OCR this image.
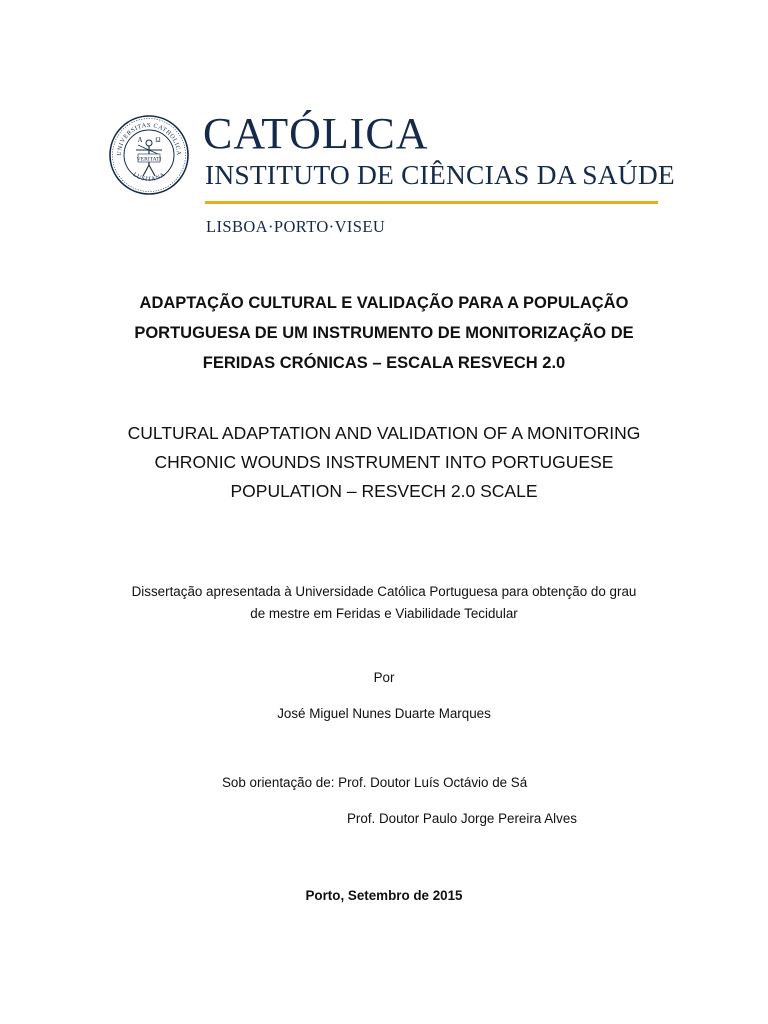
UNIVERSITAS CATHOLICA
LUSITANA
VERITATI
A Ω CATÓLICA
INSTITUTO DE CIÊNCIAS DA SAÚDE
LISBOA·PORTO·VISEU
ADAPTAÇÃO CULTURAL E VALIDAÇÃO PARA A POPULAÇÃO
PORTUGUESA DE UM INSTRUMENTO DE MONITORIZAÇÃO DE
FERIDAS CRÓNICAS – ESCALA RESVECH 2.0
CULTURAL ADAPTATION AND VALIDATION OF A MONITORING
CHRONIC WOUNDS INSTRUMENT INTO PORTUGUESE
POPULATION – RESVECH 2.0 SCALE
Dissertação apresentada à Universidade Católica Portuguesa para obtenção do grau
de mestre em Feridas e Viabilidade Tecidular
Por
José Miguel Nunes Duarte Marques
Sob orientação de: Prof. Doutor Luís Octávio de Sá
Prof. Doutor Paulo Jorge Pereira Alves
Porto, Setembro de 2015
